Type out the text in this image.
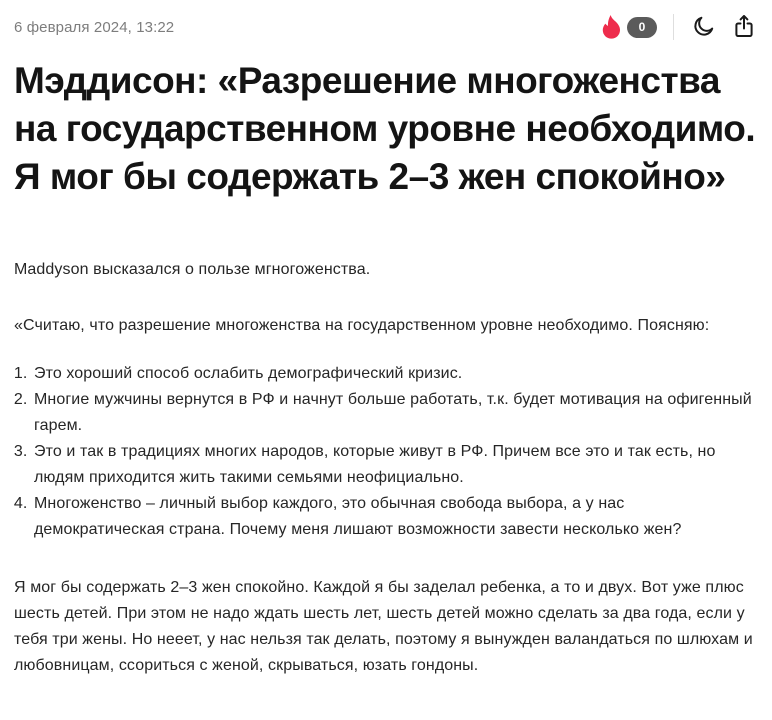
6 февраля 2024, 13:22	0
Мэддисон: «Разрешение многоженства на государственном уровне необходимо. Я мог бы содержать 2–3 жен спокойно»

Maddyson высказался о пользе мгногоженства.

«Считаю, что разрешение многоженства на государственном уровне необходимо. Поясняю:

1. Это хороший способ ослабить демографический кризис.
2. Многие мужчины вернутся в РФ и начнут больше работать, т.к. будет мотивация на офигенный гарем.
3. Это и так в традициях многих народов, которые живут в РФ. Причем все это и так есть, но людям приходится жить такими семьями неофициально.
4. Многоженство – личный выбор каждого, это обычная свобода выбора, а у нас демократическая страна. Почему меня лишают возможности завести несколько жен?

Я мог бы содержать 2–3 жен спокойно. Каждой я бы заделал ребенка, а то и двух. Вот уже плюс шесть детей. При этом не надо ждать шесть лет, шесть детей можно сделать за два года, если у тебя три жены. Но нееет, у нас нельзя так делать, поэтому я вынужден валандаться по шлюхам и любовницам, ссориться с женой, скрываться, юзать гондоны.
